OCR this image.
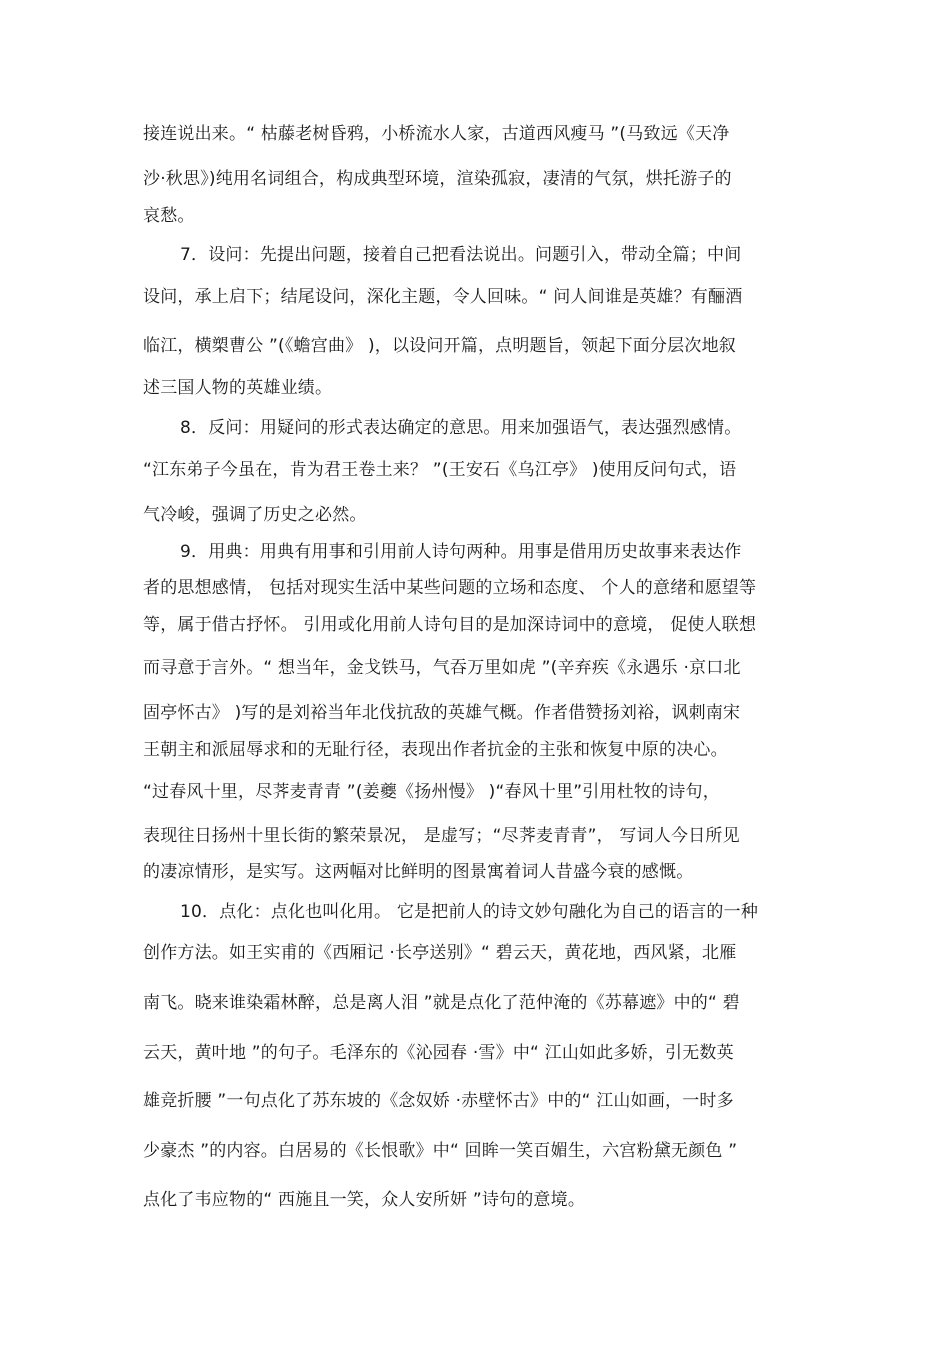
接连说出来。“ 枯藤老树昏鸦，小桥流水人家，古道西风瘦马 ”(马致远《天净
沙·秋思》)纯用名词组合，构成典型环境，渲染孤寂，凄清的气氛，烘托游子的
哀愁。
7．设问：先提出问题，接着自己把看法说出。问题引入，带动全篇；中间
设问，承上启下；结尾设问，深化主题，令人回味。“ 问人间谁是英雄？有酾酒
临江，横槊曹公 ”(《蟾宫曲》 )，以设问开篇，点明题旨，领起下面分层次地叙
述三国人物的英雄业绩。
8．反问：用疑问的形式表达确定的意思。用来加强语气，表达强烈感情。
“江东弟子今虽在，肯为君王卷土来？ ”(王安石《乌江亭》 )使用反问句式，语
气冷峻，强调了历史之必然。
9．用典：用典有用事和引用前人诗句两种。用事是借用历史故事来表达作
者的思想感情， 包括对现实生活中某些问题的立场和态度、 个人的意绪和愿望等
等，属于借古抒怀。 引用或化用前人诗句目的是加深诗词中的意境， 促使人联想
而寻意于言外。“ 想当年，金戈铁马，气吞万里如虎 ”(辛弃疾《永遇乐 ·京口北
固亭怀古》 )写的是刘裕当年北伐抗敌的英雄气概。作者借赞扬刘裕，讽刺南宋
王朝主和派屈辱求和的无耻行径，表现出作者抗金的主张和恢复中原的决心。
“过春风十里，尽荠麦青青 ”(姜夔《扬州慢》 )“春风十里”引用杜牧的诗句，
表现往日扬州十里长街的繁荣景况， 是虚写；“尽荠麦青青”， 写词人今日所见
的凄凉情形，是实写。这两幅对比鲜明的图景寓着词人昔盛今衰的感慨。
10．点化：点化也叫化用。 它是把前人的诗文妙句融化为自己的语言的一种
创作方法。如王实甫的《西厢记 ·长亭送别》“ 碧云天，黄花地，西风紧，北雁
南飞。晓来谁染霜林醉，总是离人泪 ”就是点化了范仲淹的《苏幕遮》中的“ 碧
云天，黄叶地 ”的句子。毛泽东的《沁园春 ·雪》中“ 江山如此多娇，引无数英
雄竞折腰 ”一句点化了苏东坡的《念奴娇 ·赤壁怀古》中的“ 江山如画，一时多
少豪杰 ”的内容。白居易的《长恨歌》中“ 回眸一笑百媚生，六宫粉黛无颜色 ”
点化了韦应物的“ 西施且一笑，众人安所妍 ”诗句的意境。
